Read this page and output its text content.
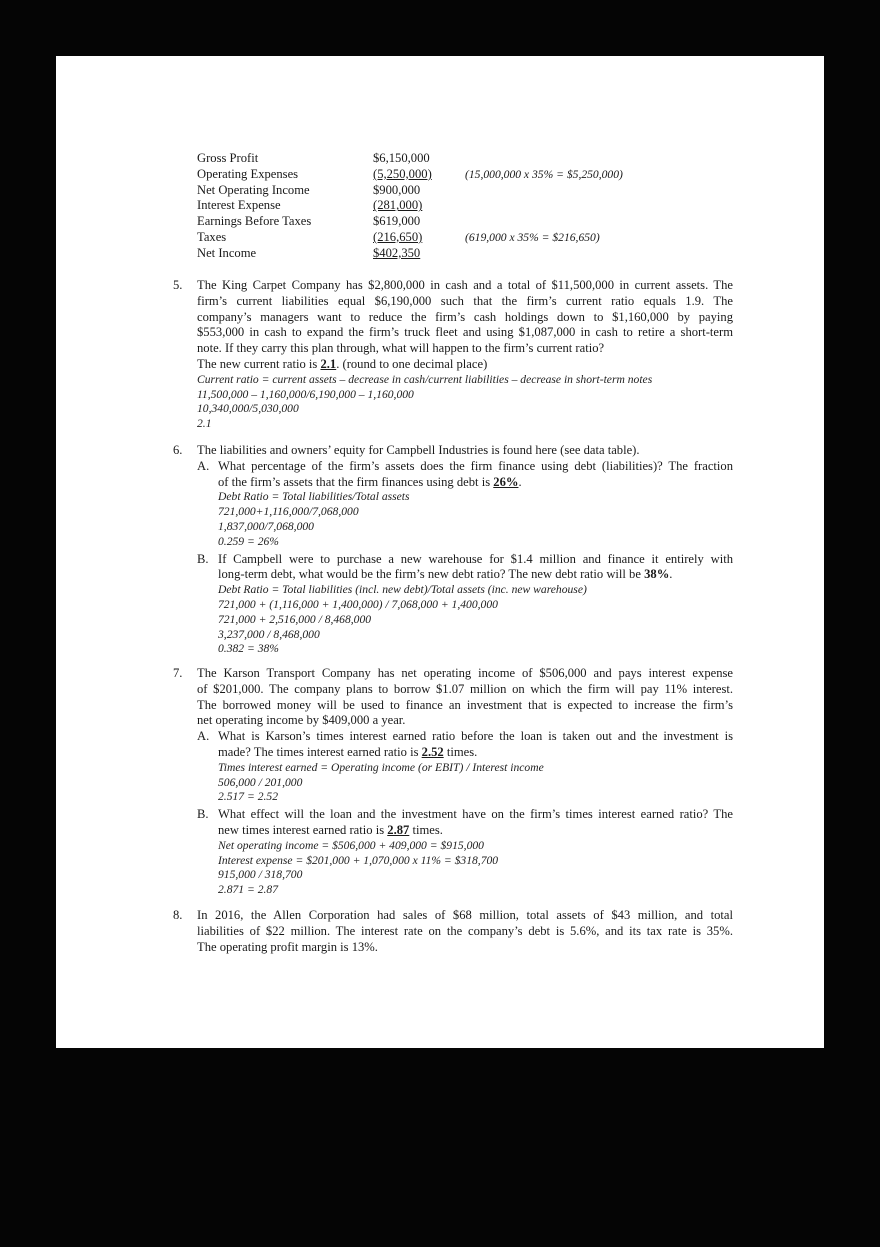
Gross Profit	$6,150,000
Operating Expenses	(5,250,000)	(15,000,000 x 35% = $5,250,000)
Net Operating Income	$900,000
Interest Expense	(281,000)
Earnings Before Taxes	$619,000
Taxes	(216,650)	(619,000 x 35% = $216,650)
Net Income	$402,350
5. The King Carpet Company has $2,800,000 in cash and a total of $11,500,000 in current assets. The
firm’s current liabilities equal $6,190,000 such that the firm’s current ratio equals 1.9. The
company’s managers want to reduce the firm’s cash holdings down to $1,160,000 by paying
$553,000 in cash to expand the firm’s truck fleet and using $1,087,000 in cash to retire a short-term
note. If they carry this plan through, what will happen to the firm’s current ratio?
The new current ratio is 2.1. (round to one decimal place)
Current ratio = current assets – decrease in cash/current liabilities – decrease in short-term notes
11,500,000 – 1,160,000/6,190,000 – 1,160,000
10,340,000/5,030,000
2.1
6. The liabilities and owners’ equity for Campbell Industries is found here (see data table).
A. What percentage of the firm’s assets does the firm finance using debt (liabilities)? The fraction
of the firm’s assets that the firm finances using debt is 26%.
Debt Ratio = Total liabilities/Total assets
721,000+1,116,000/7,068,000
1,837,000/7,068,000
0.259 = 26%
B. If Campbell were to purchase a new warehouse for $1.4 million and finance it entirely with
long-term debt, what would be the firm’s new debt ratio? The new debt ratio will be 38%.
Debt Ratio = Total liabilities (incl. new debt)/Total assets (inc. new warehouse)
721,000 + (1,116,000 + 1,400,000) / 7,068,000 + 1,400,000
721,000 + 2,516,000 / 8,468,000
3,237,000 / 8,468,000
0.382 = 38%
7. The Karson Transport Company has net operating income of $506,000 and pays interest expense
of $201,000. The company plans to borrow $1.07 million on which the firm will pay 11% interest.
The borrowed money will be used to finance an investment that is expected to increase the firm’s
net operating income by $409,000 a year.
A. What is Karson’s times interest earned ratio before the loan is taken out and the investment is
made? The times interest earned ratio is 2.52 times.
Times interest earned = Operating income (or EBIT) / Interest income
506,000 / 201,000
2.517 = 2.52
B. What effect will the loan and the investment have on the firm’s times interest earned ratio? The
new times interest earned ratio is 2.87 times.
Net operating income = $506,000 + 409,000 = $915,000
Interest expense = $201,000 + 1,070,000 x 11% = $318,700
915,000 / 318,700
2.871 = 2.87
8. In 2016, the Allen Corporation had sales of $68 million, total assets of $43 million, and total
liabilities of $22 million. The interest rate on the company’s debt is 5.6%, and its tax rate is 35%.
The operating profit margin is 13%.
